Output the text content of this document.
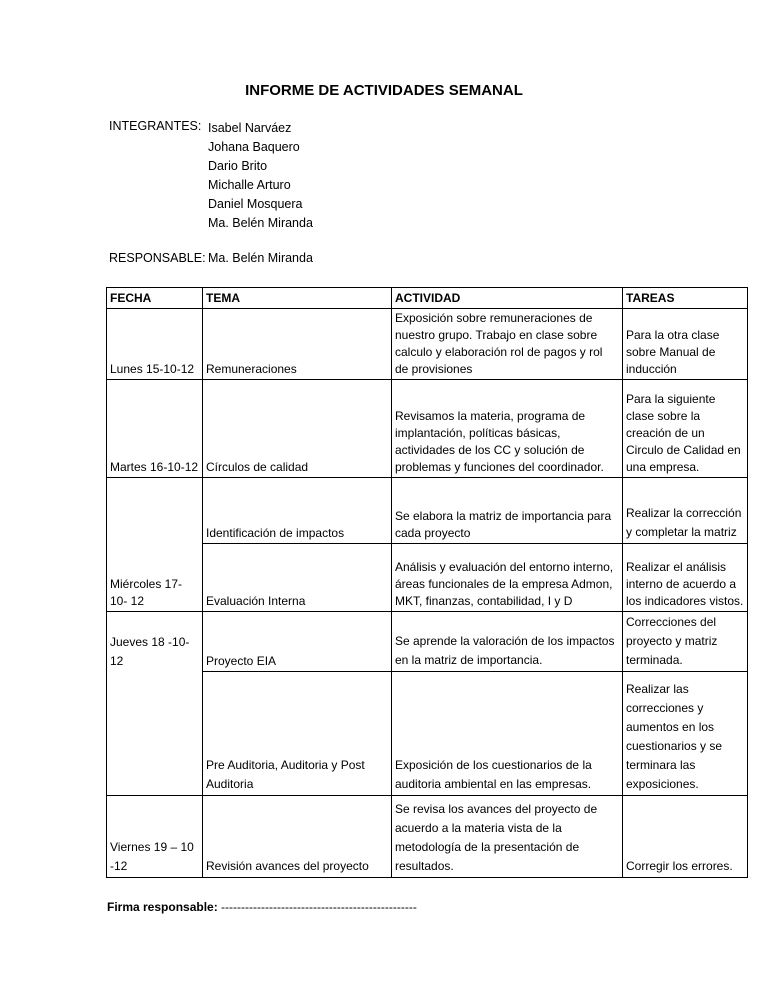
INFORME DE ACTIVIDADES SEMANAL
INTEGRANTES: Isabel Narváez
Johana Baquero
Dario Brito
Michalle Arturo
Daniel Mosquera
Ma. Belén Miranda
RESPONSABLE: Ma. Belén Miranda
FECHA	TEMA	ACTIVIDAD	TAREAS
Lunes 15-10-12	Remuneraciones	Exposición sobre remuneraciones de nuestro grupo. Trabajo en clase sobre calculo y elaboración rol de pagos y rol de provisiones	Para la otra clase sobre Manual de inducción
Martes 16-10-12	Círculos de calidad	Revisamos la materia, programa de implantación, políticas básicas, actividades de los CC y solución de problemas y funciones del coordinador.	Para la siguiente clase sobre la creación de un Circulo de Calidad en una empresa.
	Identificación de impactos	Se elabora la matriz de importancia para cada proyecto	Realizar la corrección y completar la matriz
Miércoles 17-10- 12	Evaluación Interna	Análisis y evaluación del entorno interno, áreas funcionales de la empresa Admon, MKT, finanzas, contabilidad, I y D	Realizar el análisis interno de acuerdo a los indicadores vistos.
Jueves 18 -10-12	Proyecto EIA	Se aprende la valoración de los impactos en la matriz de importancia.	Correcciones del proyecto y matriz terminada.
	Pre Auditoria, Auditoria y Post Auditoria	Exposición de los cuestionarios de la auditoria ambiental en las empresas.	Realizar las correcciones y aumentos en los cuestionarios y se terminara las exposiciones.
Viernes 19 – 10 -12	Revisión avances del proyecto	Se revisa los avances del proyecto de acuerdo a la materia vista de la metodología de la presentación de resultados.	Corregir los errores.
Firma responsable: -------------------------------------------------
